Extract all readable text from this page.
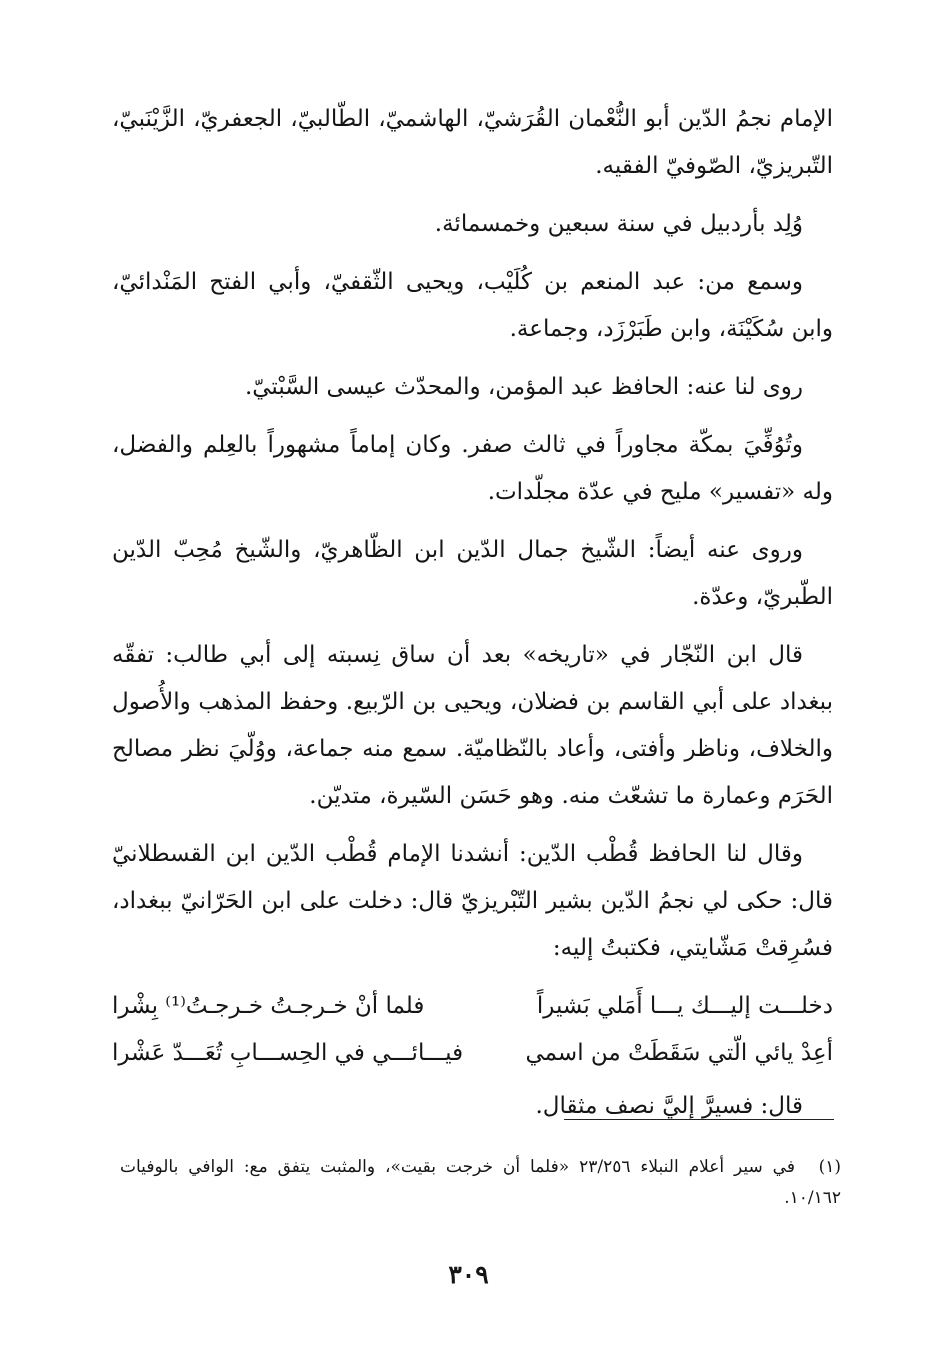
الإمام نجمُ الدّين أبو النُّعْمان القُرَشيّ، الهاشميّ، الطّالبيّ، الجعفريّ، الزَّيْنَبيّ، التّبريزيّ، الصّوفيّ الفقيه.

وُلِد بأردبيل في سنة سبعين وخمسمائة.

وسمع من: عبد المنعم بن كُلَيْب، ويحيى الثّقفيّ، وأبي الفتح المَنْدائيّ، وابن سُكَيْنَة، وابن طَبَرْزَد، وجماعة.

روى لنا عنه: الحافظ عبد المؤمن، والمحدّث عيسى السَّبْتيّ.

وتُوُفِّيَ بمكّة مجاوراً في ثالث صفر. وكان إماماً مشهوراً بالعِلم والفضل، وله «تفسير» مليح في عدّة مجلّدات.

وروى عنه أيضاً: الشّيخ جمال الدّين ابن الظّاهريّ، والشّيخ مُحِبّ الدّين الطّبريّ، وعدّة.

قال ابن النّجّار في «تاريخه» بعد أن ساق نِسبته إلى أبي طالب: تفقّه ببغداد على أبي القاسم بن فضلان، ويحيى بن الرّبيع. وحفظ المذهب والأُصول والخلاف، وناظر وأفتى، وأعاد بالنّظاميّة. سمع منه جماعة، ووُلّيَ نظر مصالح الحَرَم وعمارة ما تشعّث منه. وهو حَسَن السّيرة، متديّن.

وقال لنا الحافظ قُطْب الدّين: أنشدنا الإمام قُطْب الدّين ابن القسطلانيّ قال: حكى لي نجمُ الدّين بشير التّبْريزيّ قال: دخلت على ابن الحَرّانيّ ببغداد، فسُرِقتْ مَشّايتي، فكتبتُ إليه:

دخلـــت إليـــك يـــا أَمَلي بَشيراً
فلما أنْ خـرجـتُ خـرجـتُ⁽¹⁾ بِشْرا
أعِدْ يائي الّتي سَقَطَتْ من اسمي
فيـــائـــي في الحِســـابِ تُعَـــدّ عَشْرا

قال: فسيرَّ إليَّ نصف مثقال.

(١)في سير أعلام النبلاء ٢٣/٢٥٦ «فلما أن خرجت بقيت»، والمثبت يتفق مع: الوافي بالوفيات ١٠/١٦٢.
٣٠٩
